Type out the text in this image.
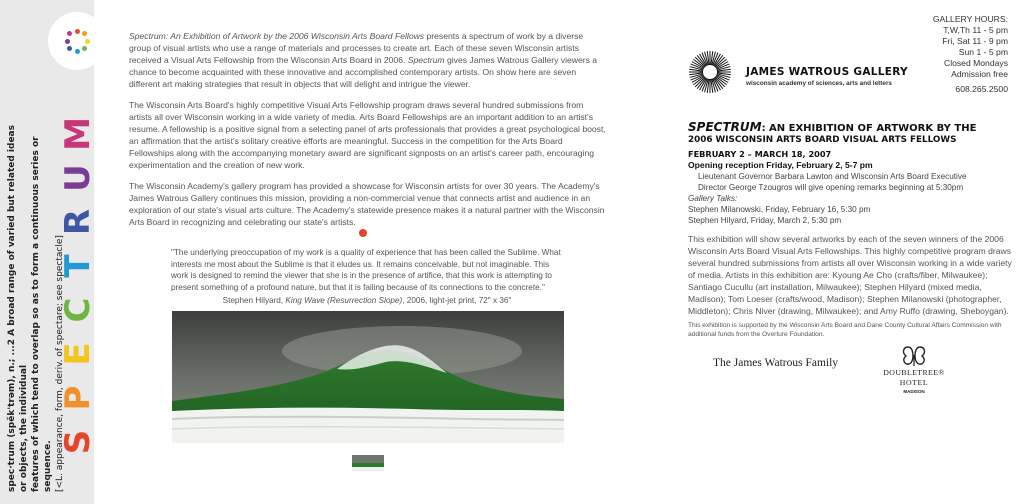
M
U
R
T
C
E
P
S
spec·trum (spěk'trəm), n.; ...2 A broad range of varied but related ideas or objects, the individual features of which tend to overlap so as to form a continuous series or sequence. [<L. appearance, form, deriv. of spectare; see spectacle]

Spectrum: An Exhibition of Artwork by the 2006 Wisconsin Arts Board Fellows presents a spectrum of work by a diverse group of visual artists who use a range of materials and processes to create art. Each of these seven Wisconsin artists received a Visual Arts Fellowship from the Wisconsin Arts Board in 2006. Spectrum gives James Watrous Gallery viewers a chance to become acquainted with these innovative and accomplished contemporary artists. On show here are seven different art making strategies that result in objects that will delight and intrigue the viewer.

The Wisconsin Arts Board's highly competitive Visual Arts Fellowship program draws several hundred submissions from artists all over Wisconsin working in a wide variety of media. Arts Board Fellowships are an important addition to an artist's resume. A fellowship is a positive signal from a selecting panel of arts professionals that provides a great psychological boost, an affirmation that the artist's solitary creative efforts are meaningful. Success in the competition for the Arts Board Fellowships along with the accompanying monetary award are significant signposts on an artist's career path, encouraging experimentation and the creation of new work.

The Wisconsin Academy's gallery program has provided a showcase for Wisconsin artists for over 30 years. The Academy's James Watrous Gallery continues this mission, providing a non-commercial venue that connects artist and audience in an exploration of our state's visual arts culture. The Academy's statewide presence makes it a natural partner with the Wisconsin Arts Board in recognizing and celebrating our state's artists.

"The underlying preoccupation of my work is a quality of experience that has been called the Sublime. What interests me most about the Sublime is that it eludes us. It remains conceivable, but not imaginable. This work is designed to remind the viewer that she is in the presence of artifice, that this work is attempting to present something of a profound nature, but that it is failing because of its connections to the concrete."
Stephen Hilyard, King Wave (Resurrection Slope), 2006, light-jet print, 72" x 36"
GALLERY HOURS:
T,W,Th 11 - 5 pm
Fri, Sat 11 - 9 pm
Sun 1 - 5 pm
Closed Mondays
Admission free
608.265.2500
JAMES WATROUS GALLERY
wisconsin academy of sciences, arts and letters
SPECTRUM: AN EXHIBITION OF ARTWORK BY THE
2006 WISCONSIN ARTS BOARD VISUAL ARTS FELLOWS
FEBRUARY 2 – MARCH 18, 2007
Opening reception Friday, February 2, 5-7 pm
Lieutenant Governor Barbara Lawton and Wisconsin Arts Board Executive
Director George Tzougros will give opening remarks beginning at 5:30pm
Gallery Talks:
Stephen Milanowski, Friday, February 16, 5:30 pm
Stephen Hilyard, Friday, March 2, 5:30 pm
This exhibition will show several artworks by each of the seven winners of the 2006 Wisconsin Arts Board Visual Arts Fellowships. This highly competitive program draws several hundred submissions from artists all over Wisconsin working in a wide variety of media. Artists in this exhibition are: Kyoung Ae Cho (crafts/fiber, Milwaukee); Santiago Cucullu (art installation, Milwaukee); Stephen Hilyard (mixed media, Madison); Tom Loeser (crafts/wood, Madison); Stephen Milanowski (photographer, Middleton); Chris Niver (drawing, Milwaukee); and Amy Ruffo (drawing, Sheboygan).
This exhibition is supported by the Wisconsin Arts Board and Dane County Cultural Affairs Commission with additional funds from the Overture Foundation.
The James Watrous Family
DOUBLETREE®
HOTEL
MADISON
